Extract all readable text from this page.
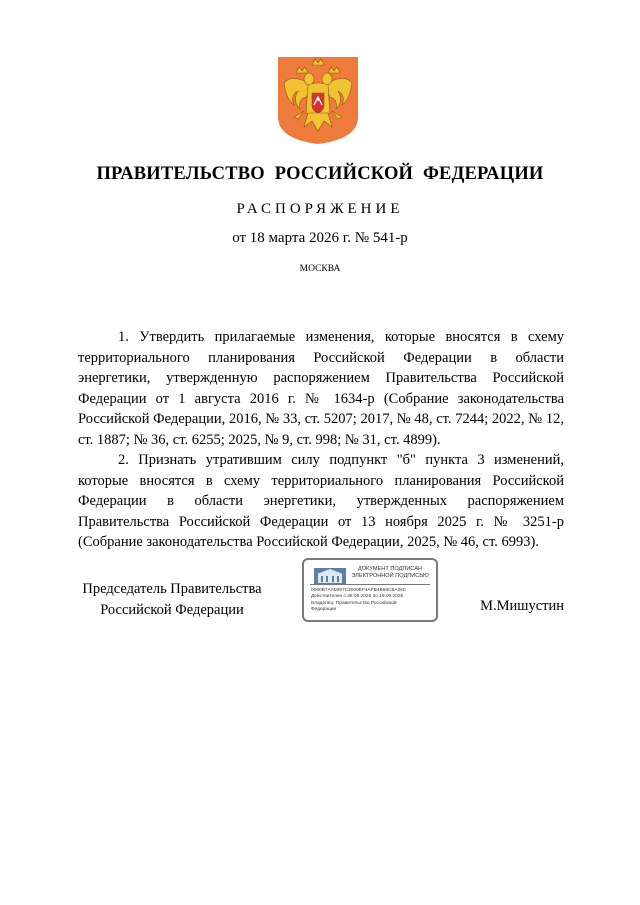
ПРАВИТЕЛЬСТВО РОССИЙСКОЙ ФЕДЕРАЦИИ
РАСПОРЯЖЕНИЕ
от 18 марта 2026 г. № 541-р
МОСКВА

1. Утвердить прилагаемые изменения, которые вносятся в схему территориального планирования Российской Федерации в области энергетики, утвержденную распоряжением Правительства Российской Федерации от 1 августа 2016 г. № 1634-р (Собрание законодательства Российской Федерации, 2016, № 33, ст. 5207; 2017, № 48, ст. 7244; 2022, № 12, ст. 1887; № 36, ст. 6255; 2025, № 9, ст. 998; № 31, ст. 4899).

2. Признать утратившим силу подпункт "б" пункта 3 изменений, которые вносятся в схему территориального планирования Российской Федерации в области энергетики, утвержденных распоряжением Правительства Российской Федерации от 13 ноября 2025 г. № 3251-р (Собрание законодательства Российской Федерации, 2025, № 46, ст. 6993).

Председатель Правительства
Российской Федерации
ДОКУМЕНТ ПОДПИСАН
ЭЛЕКТРОННОЙ ПОДПИСЬЮ
0060B7AA0097C2000EF4AFB4B69C8A36C
Действителен с 26.06.2025 по 19.09.2026
Владелец: Правительство Российской
Федерации	М.Мишустин
